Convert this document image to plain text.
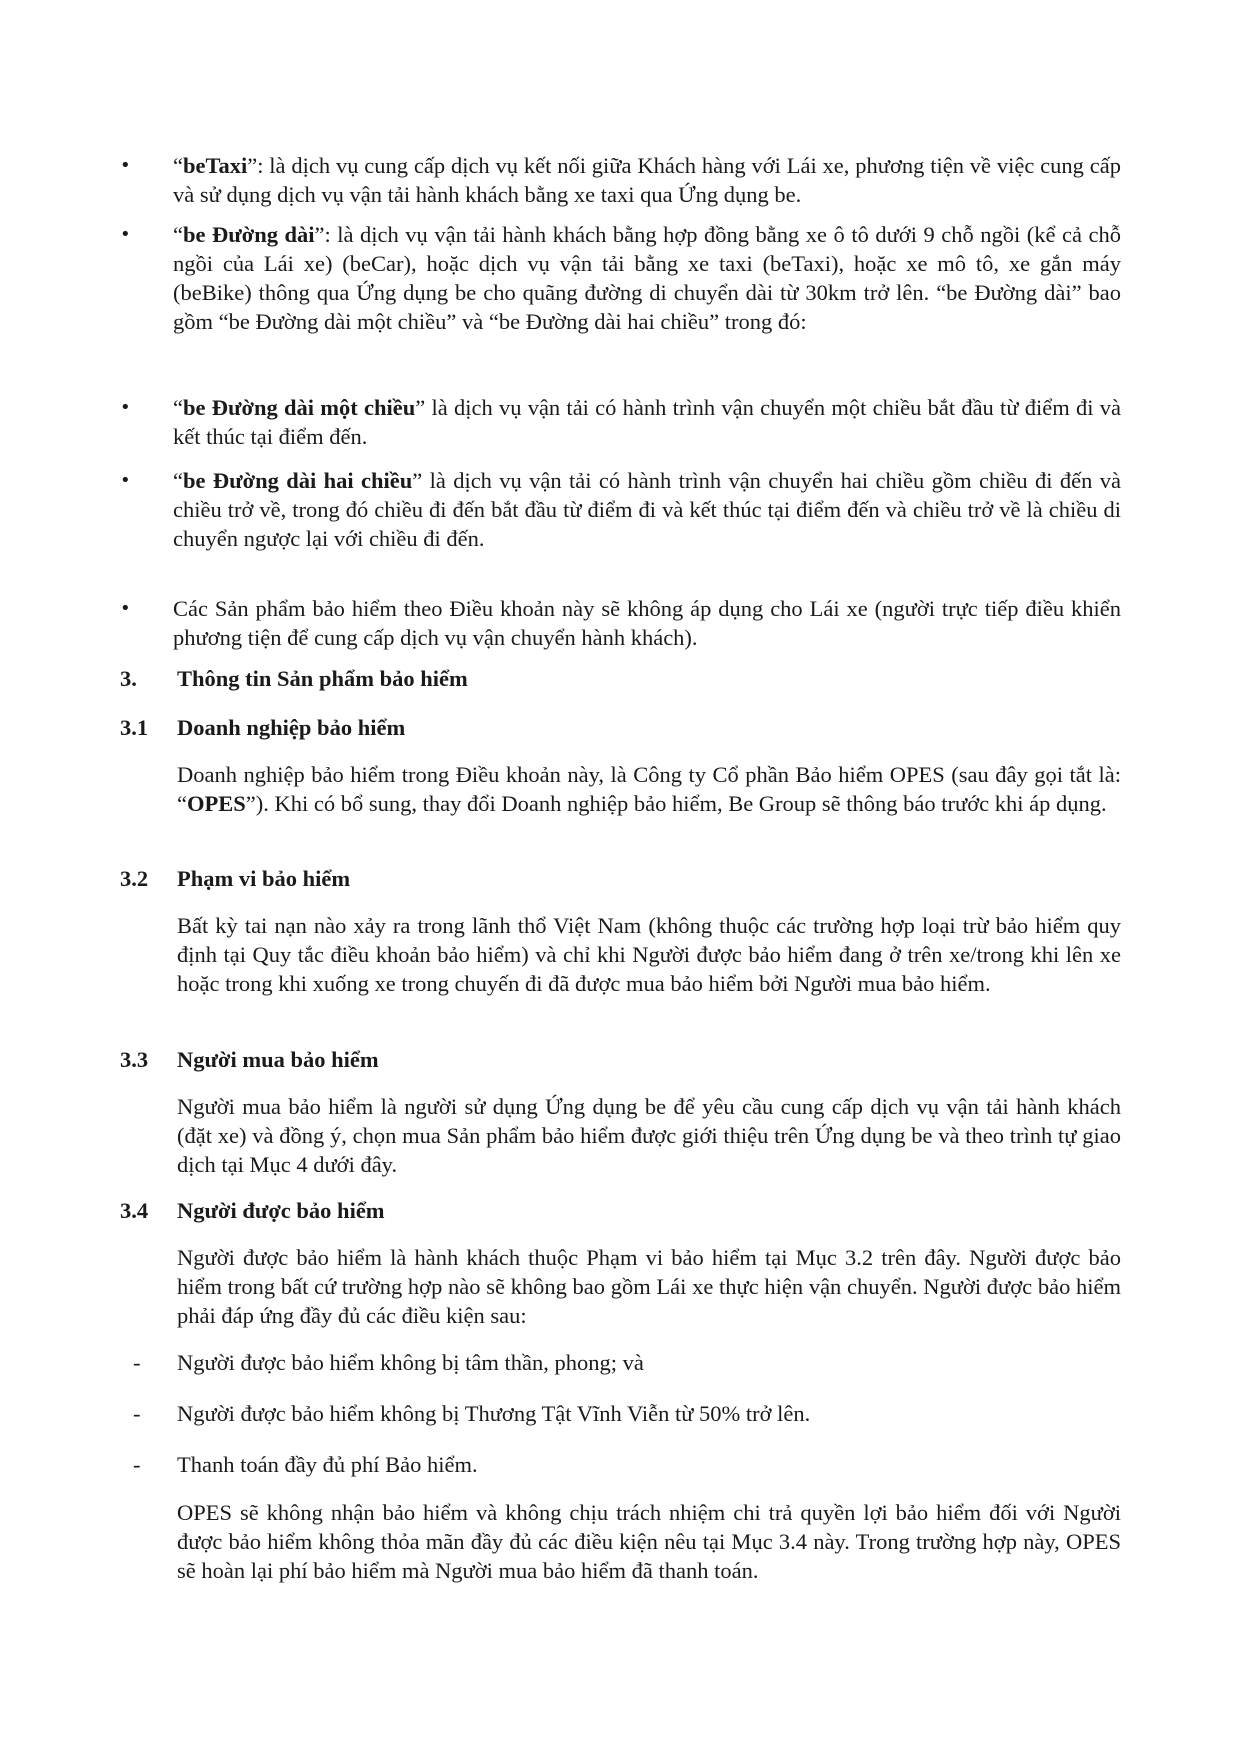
• “beTaxi”: là dịch vụ cung cấp dịch vụ kết nối giữa Khách hàng với Lái xe, phương tiện về việc cung cấp và sử dụng dịch vụ vận tải hành khách bằng xe taxi qua Ứng dụng be.
• “be Đường dài”: là dịch vụ vận tải hành khách bằng hợp đồng bằng xe ô tô dưới 9 chỗ ngồi (kể cả chỗ ngồi của Lái xe) (beCar), hoặc dịch vụ vận tải bằng xe taxi (beTaxi), hoặc xe mô tô, xe gắn máy (beBike) thông qua Ứng dụng be cho quãng đường di chuyển dài từ 30km trở lên. “be Đường dài” bao gồm “be Đường dài một chiều” và “be Đường dài hai chiều” trong đó:
• “be Đường dài một chiều” là dịch vụ vận tải có hành trình vận chuyển một chiều bắt đầu từ điểm đi và kết thúc tại điểm đến.
• “be Đường dài hai chiều” là dịch vụ vận tải có hành trình vận chuyển hai chiều gồm chiều đi đến và chiều trở về, trong đó chiều đi đến bắt đầu từ điểm đi và kết thúc tại điểm đến và chiều trở về là chiều di chuyển ngược lại với chiều đi đến.
• Các Sản phẩm bảo hiểm theo Điều khoản này sẽ không áp dụng cho Lái xe (người trực tiếp điều khiển phương tiện để cung cấp dịch vụ vận chuyển hành khách).
3. Thông tin Sản phẩm bảo hiểm
3.1 Doanh nghiệp bảo hiểm
Doanh nghiệp bảo hiểm trong Điều khoản này, là Công ty Cổ phần Bảo hiểm OPES (sau đây gọi tắt là: “OPES”). Khi có bổ sung, thay đổi Doanh nghiệp bảo hiểm, Be Group sẽ thông báo trước khi áp dụng.
3.2 Phạm vi bảo hiểm
Bất kỳ tai nạn nào xảy ra trong lãnh thổ Việt Nam (không thuộc các trường hợp loại trừ bảo hiểm quy định tại Quy tắc điều khoản bảo hiểm) và chỉ khi Người được bảo hiểm đang ở trên xe/trong khi lên xe hoặc trong khi xuống xe trong chuyến đi đã được mua bảo hiểm bởi Người mua bảo hiểm.
3.3 Người mua bảo hiểm
Người mua bảo hiểm là người sử dụng Ứng dụng be để yêu cầu cung cấp dịch vụ vận tải hành khách (đặt xe) và đồng ý, chọn mua Sản phẩm bảo hiểm được giới thiệu trên Ứng dụng be và theo trình tự giao dịch tại Mục 4 dưới đây.
3.4 Người được bảo hiểm
Người được bảo hiểm là hành khách thuộc Phạm vi bảo hiểm tại Mục 3.2 trên đây. Người được bảo hiểm trong bất cứ trường hợp nào sẽ không bao gồm Lái xe thực hiện vận chuyển. Người được bảo hiểm phải đáp ứng đầy đủ các điều kiện sau:
- Người được bảo hiểm không bị tâm thần, phong; và
- Người được bảo hiểm không bị Thương Tật Vĩnh Viễn từ 50% trở lên.
- Thanh toán đầy đủ phí Bảo hiểm.
OPES sẽ không nhận bảo hiểm và không chịu trách nhiệm chi trả quyền lợi bảo hiểm đối với Người được bảo hiểm không thỏa mãn đầy đủ các điều kiện nêu tại Mục 3.4 này. Trong trường hợp này, OPES sẽ hoàn lại phí bảo hiểm mà Người mua bảo hiểm đã thanh toán.
